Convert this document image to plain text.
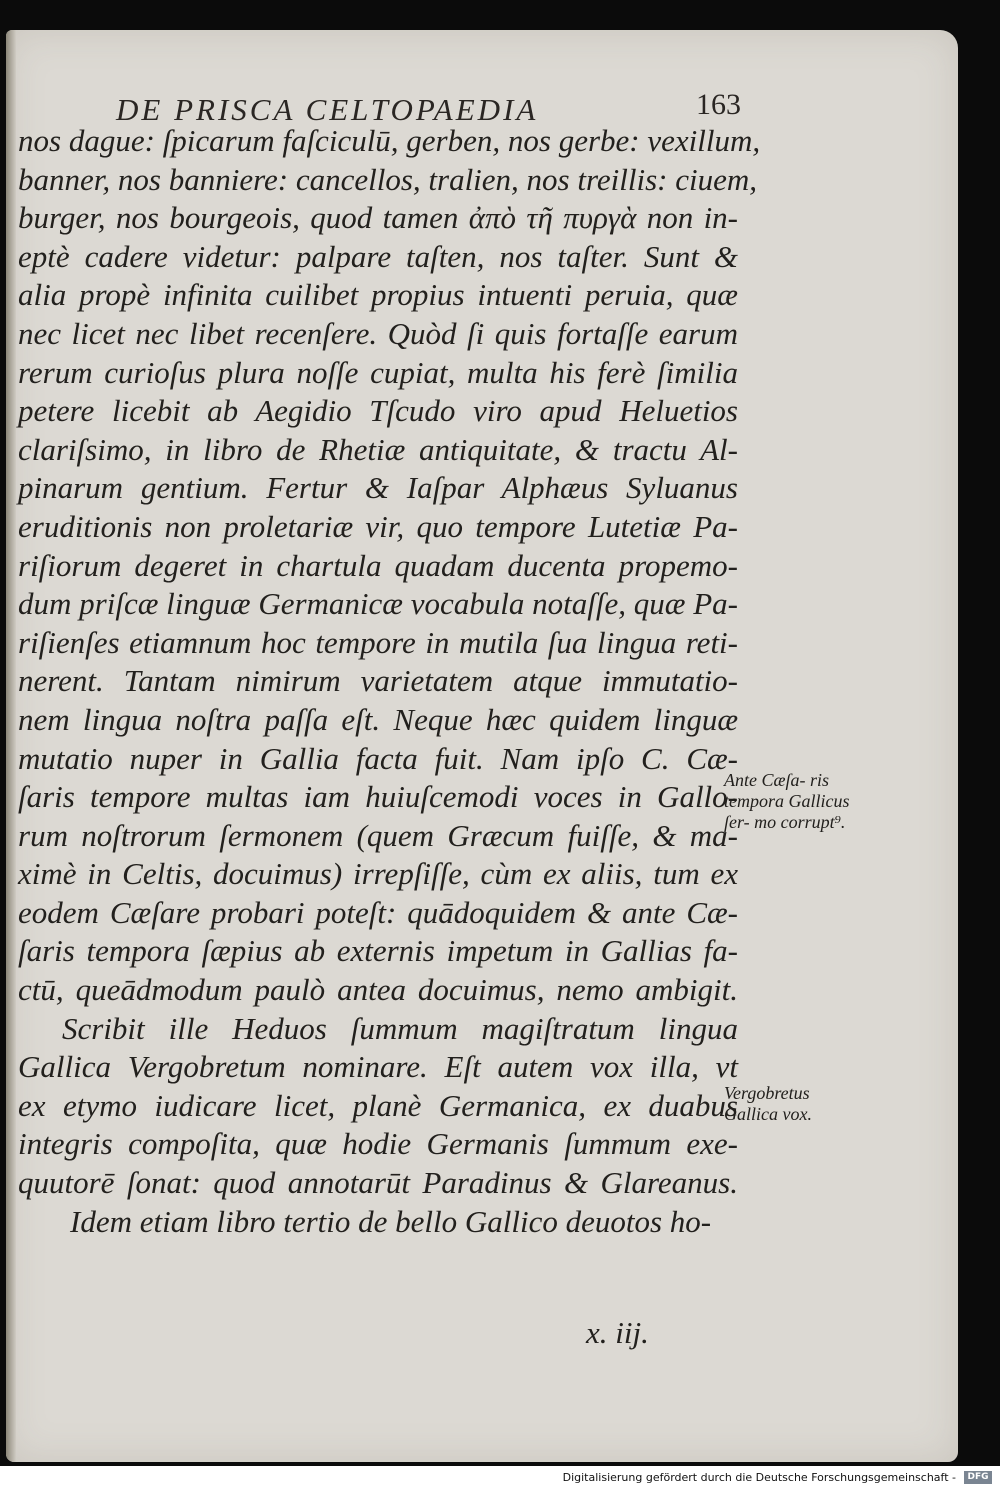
DE PRISCA CELTOPAEDIA	163
nos dague: ſpicarum faſciculū, gerben, nos gerbe: vexillum,
banner, nos banniere: cancellos, tralien, nos treillis: ciuem,
burger, nos bourgeois, quod tamen ἀπὸ τῆ πυργὰ non in-
eptè cadere videtur: palpare taſten, nos taſter. Sunt &
alia propè infinita cuilibet propius intuenti peruia, quæ
nec licet nec libet recenſere. Quòd ſi quis fortaſſe earum
rerum curioſus plura noſſe cupiat, multa his ferè ſimilia
petere licebit ab Aegidio Tſcudo viro apud Heluetios
clariſsimo, in libro de Rhetiæ antiquitate, & tractu Al-
pinarum gentium. Fertur & Iaſpar Alphæus Syluanus
eruditionis non proletariæ vir, quo tempore Lutetiæ Pa-
riſiorum degeret in chartula quadam ducenta propemo-
dum priſcæ linguæ Germanicæ vocabula notaſſe, quæ Pa-
riſienſes etiamnum hoc tempore in mutila ſua lingua reti-
nerent. Tantam nimirum varietatem atque immutatio-
nem lingua noſtra paſſa eſt. Neque hæc quidem linguæ
mutatio nuper in Gallia facta fuit. Nam ipſo C. Cæ-
ſaris tempore multas iam huiuſcemodi voces in Gallo-
rum noſtrorum ſermonem (quem Græcum fuiſſe, & ma-
ximè in Celtis, docuimus) irrepſiſſe, cùm ex aliis, tum ex
eodem Cæſare probari poteſt: quādoquidem & ante Cæ-
ſaris tempora ſæpius ab externis impetum in Gallias fa-
ctū, queādmodum paulò antea docuimus, nemo ambigit.
Scribit ille Heduos ſummum magiſtratum lingua
Gallica Vergobretum nominare. Eſt autem vox illa, vt
ex etymo iudicare licet, planè Germanica, ex duabus
integris compoſita, quæ hodie Germanis ſummum exe-
quutorē ſonat: quod annotarūt Paradinus & Glareanus.
Idem etiam libro tertio de bello Gallico deuotos ho-
x. iij.
Ante Cæſa- ris tempora Gallicus ſer- mo corrupt⁹.
Vergobretus Gallica vox.
Digitalisierung gefördert durch die Deutsche Forschungsgemeinschaft -	DFG
